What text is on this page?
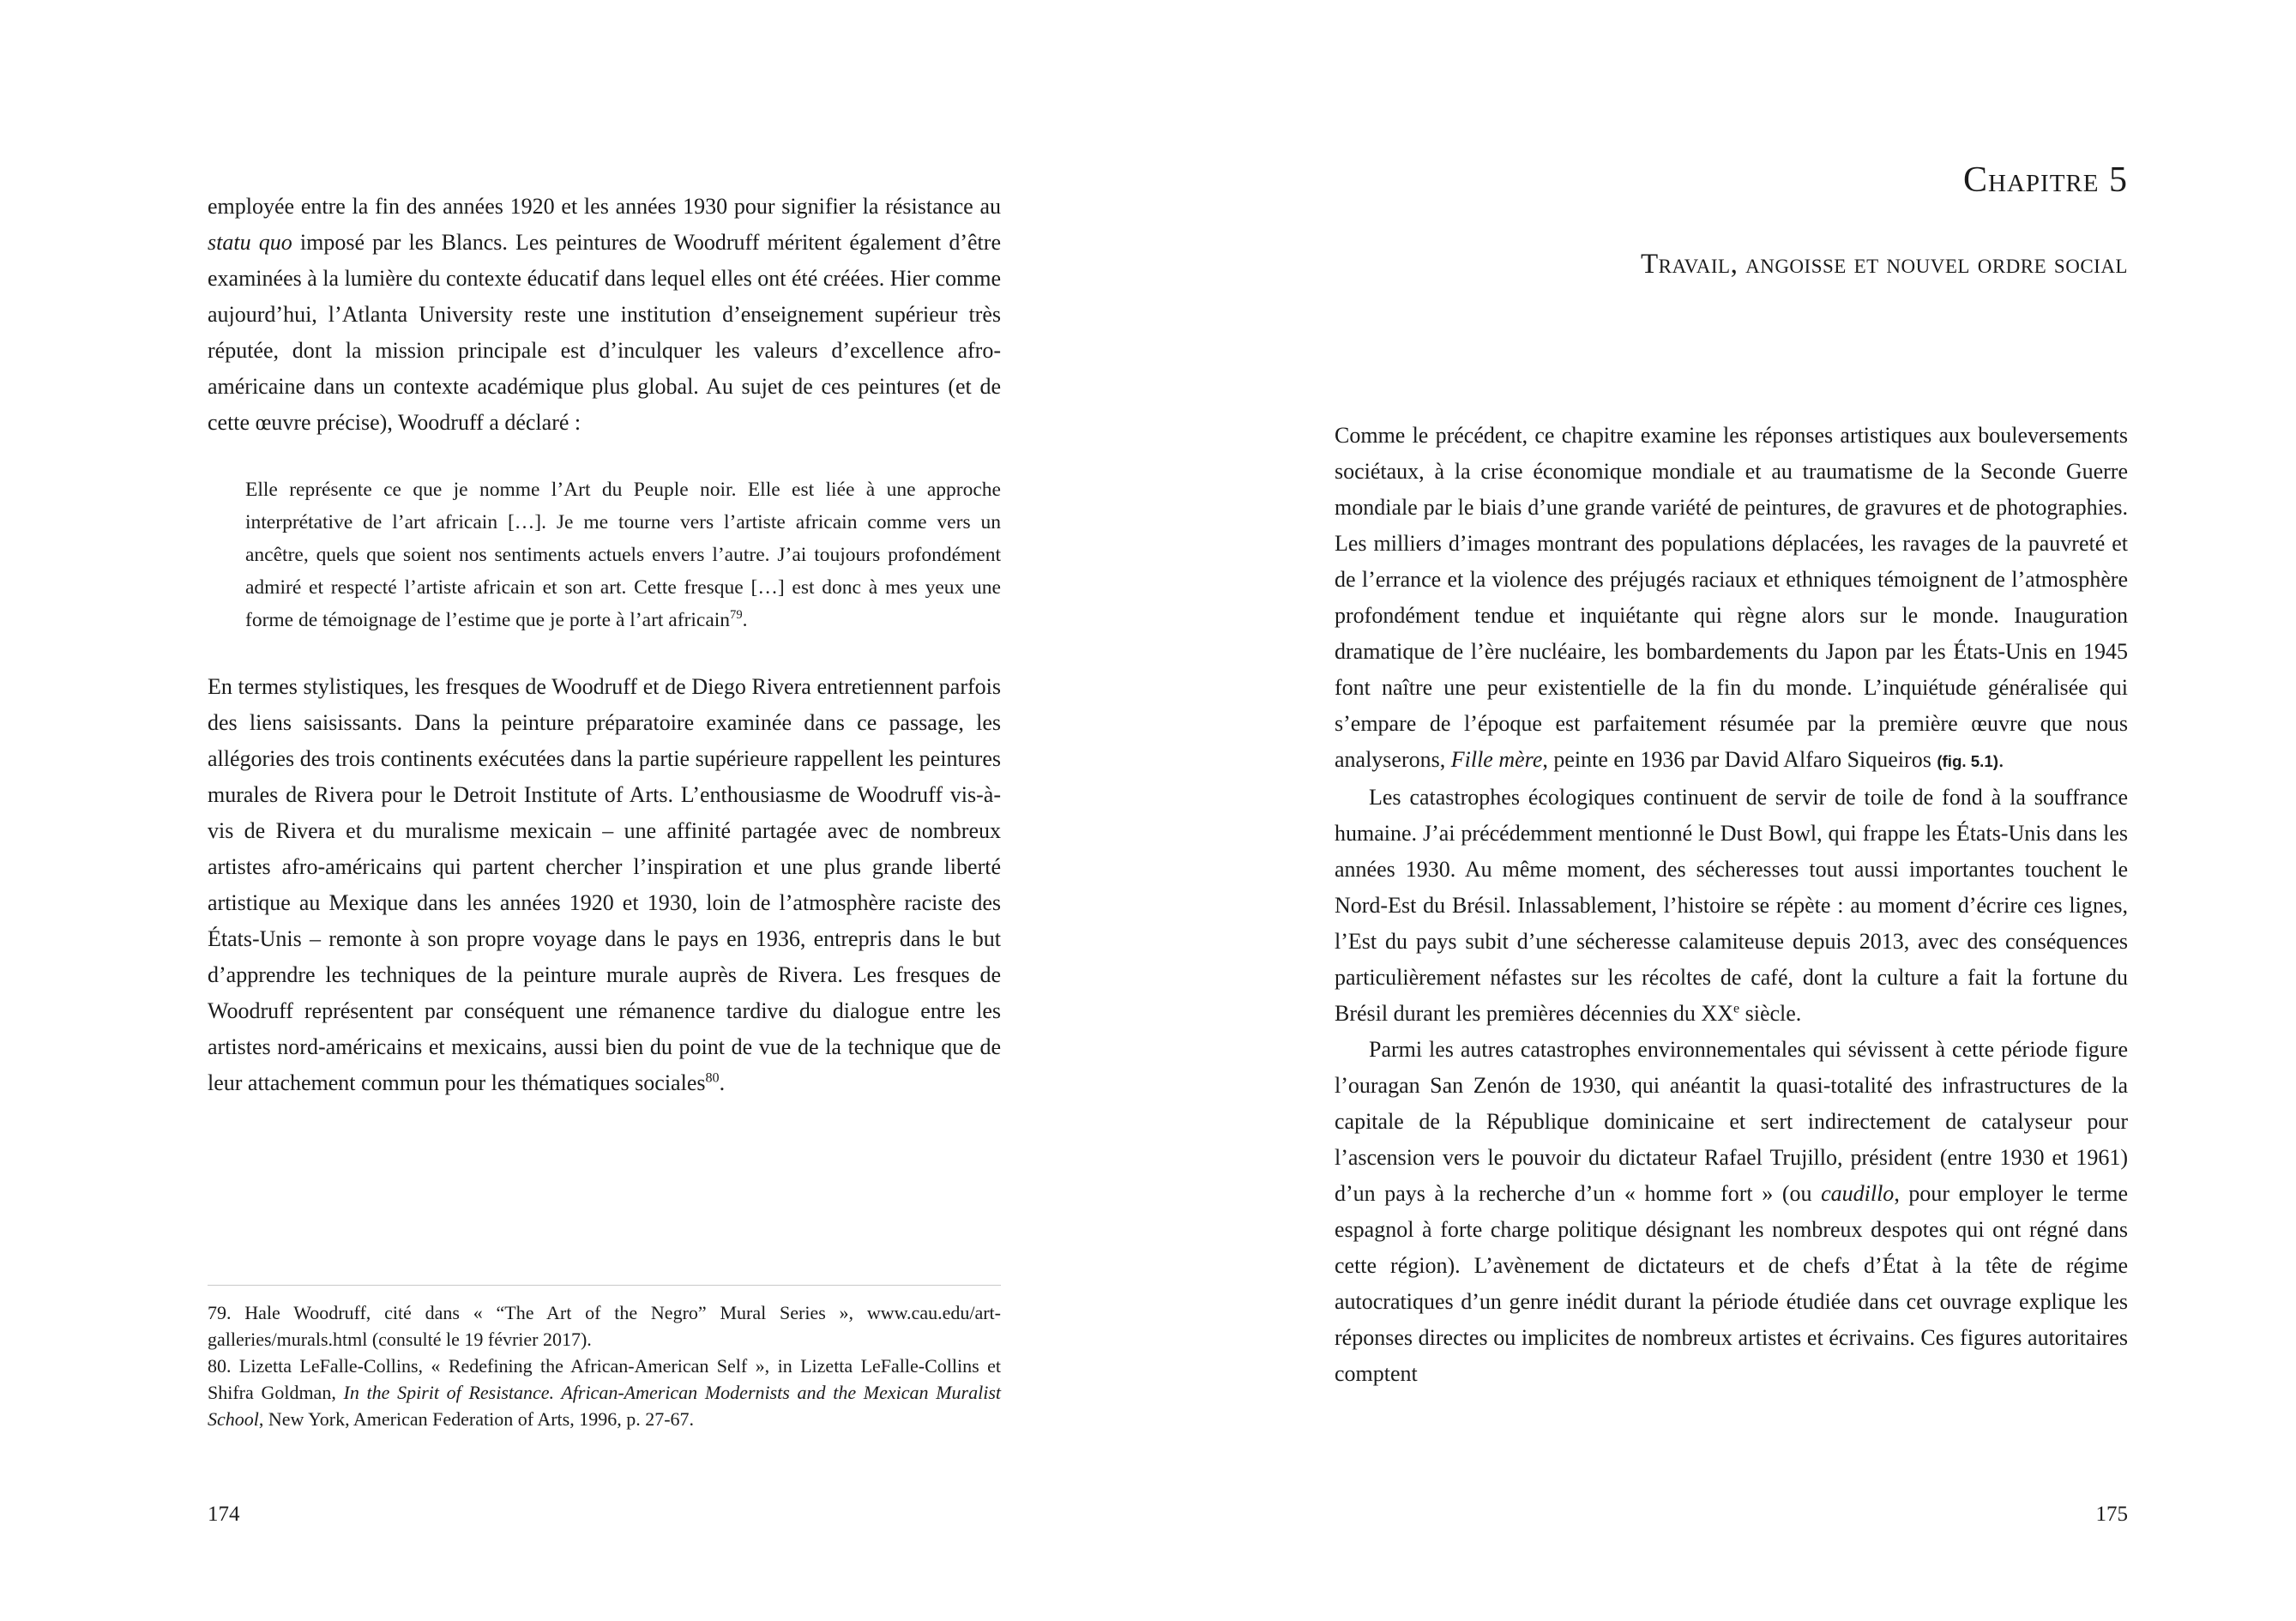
employée entre la fin des années 1920 et les années 1930 pour signifier la résistance au statu quo imposé par les Blancs. Les peintures de Woodruff méritent également d’être examinées à la lumière du contexte éducatif dans lequel elles ont été créées. Hier comme aujourd’hui, l’Atlanta University reste une institution d’enseignement supérieur très réputée, dont la mission principale est d’inculquer les valeurs d’excellence afro-américaine dans un contexte académique plus global. Au sujet de ces peintures (et de cette œuvre précise), Woodruff a déclaré :

Elle représente ce que je nomme l’Art du Peuple noir. Elle est liée à une approche interprétative de l’art africain […]. Je me tourne vers l’artiste africain comme vers un ancêtre, quels que soient nos sentiments actuels envers l’autre. J’ai toujours profondément admiré et respecté l’artiste africain et son art. Cette fresque […] est donc à mes yeux une forme de témoignage de l’estime que je porte à l’art africain$^{79}$.

En termes stylistiques, les fresques de Woodruff et de Diego Rivera entretiennent parfois des liens saisissants. Dans la peinture préparatoire examinée dans ce passage, les allégories des trois continents exécutées dans la partie supérieure rappellent les peintures murales de Rivera pour le Detroit Institute of Arts. L’enthousiasme de Woodruff vis-à-vis de Rivera et du muralisme mexicain – une affinité partagée avec de nombreux artistes afro-américains qui partent chercher l’inspiration et une plus grande liberté artistique au Mexique dans les années 1920 et 1930, loin de l’atmosphère raciste des États-Unis – remonte à son propre voyage dans le pays en 1936, entrepris dans le but d’apprendre les techniques de la peinture murale auprès de Rivera. Les fresques de Woodruff représentent par conséquent une rémanence tardive du dialogue entre les artistes nord-américains et mexicains, aussi bien du point de vue de la technique que de leur attachement commun pour les thématiques sociales$^{80}$.

79. Hale Woodruff, cité dans « “The Art of the Negro” Mural Series », www.cau.edu/art-galleries/murals.html (consulté le 19 février 2017).

80. Lizetta LeFalle-Collins, « Redefining the African-American Self », in Lizetta LeFalle-Collins et Shifra Goldman, In the Spirit of Resistance. African-American Modernists and the Mexican Muralist School, New York, American Federation of Arts, 1996, p. 27-67.

174
Chapitre 5
Travail, angoisse et nouvel ordre social

Comme le précédent, ce chapitre examine les réponses artistiques aux bouleversements sociétaux, à la crise économique mondiale et au traumatisme de la Seconde Guerre mondiale par le biais d’une grande variété de peintures, de gravures et de photographies. Les milliers d’images montrant des populations déplacées, les ravages de la pauvreté et de l’errance et la violence des préjugés raciaux et ethniques témoignent de l’atmosphère profondément tendue et inquiétante qui règne alors sur le monde. Inauguration dramatique de l’ère nucléaire, les bombardements du Japon par les États-Unis en 1945 font naître une peur existentielle de la fin du monde. L’inquiétude généralisée qui s’empare de l’époque est parfaitement résumée par la première œuvre que nous analyserons, Fille mère, peinte en 1936 par David Alfaro Siqueiros (fig. 5.1).

Les catastrophes écologiques continuent de servir de toile de fond à la souffrance humaine. J’ai précédemment mentionné le Dust Bowl, qui frappe les États-Unis dans les années 1930. Au même moment, des sécheresses tout aussi importantes touchent le Nord-Est du Brésil. Inlassablement, l’histoire se répète : au moment d’écrire ces lignes, l’Est du pays subit d’une sécheresse calamiteuse depuis 2013, avec des conséquences particulièrement néfastes sur les récoltes de café, dont la culture a fait la fortune du Brésil durant les premières décennies du XXe siècle.

Parmi les autres catastrophes environnementales qui sévissent à cette période figure l’ouragan San Zenón de 1930, qui anéantit la quasi-totalité des infrastructures de la capitale de la République dominicaine et sert indirectement de catalyseur pour l’ascension vers le pouvoir du dictateur Rafael Trujillo, président (entre 1930 et 1961) d’un pays à la recherche d’un « homme fort » (ou caudillo, pour employer le terme espagnol à forte charge politique désignant les nombreux despotes qui ont régné dans cette région). L’avènement de dictateurs et de chefs d’État à la tête de régime autocratiques d’un genre inédit durant la période étudiée dans cet ouvrage explique les réponses directes ou implicites de nombreux artistes et écrivains. Ces figures autoritaires comptent

175
